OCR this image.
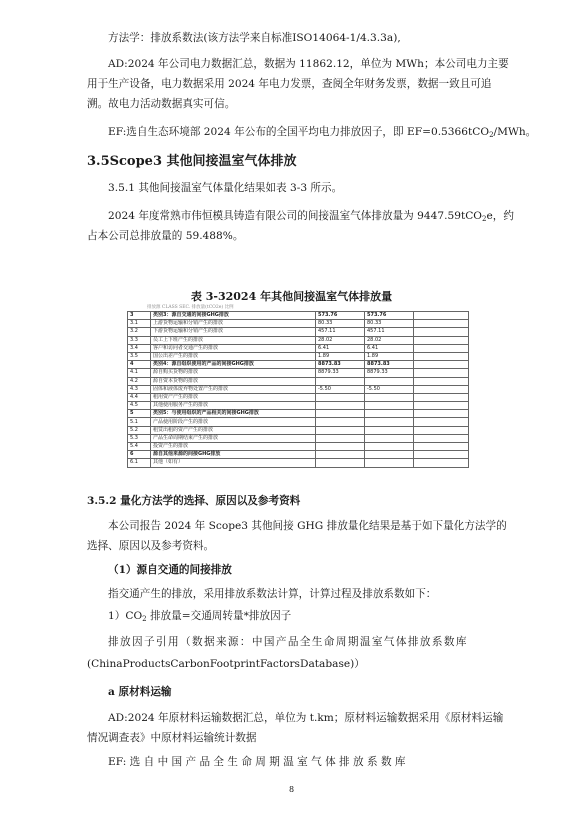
方法学：排放系数法(该方法学来自标准ISO14064-1/4.3.3a),

AD:2024 年公司电力数据汇总，数据为 11862.12，单位为 MWh；本公司电力主要

用于生产设备，电力数据采用 2024 年电力发票，查阅全年财务发票，数据一致且可追

溯。故电力活动数据真实可信。

EF:选自生态环境部 2024 年公布的全国平均电力排放因子，即 EF=0.5366tCO$_2$/MWh。

3.5Scope3 其他间接温室气体排放

3.5.1 其他间接温室气体量化结果如表 3-3 所示。

2024 年度常熟市伟恒模具铸造有限公司的间接温室气体排放量为 9447.59tCO$_2$e，约

占本公司总排放量的 59.488%。

表 3-32024 年其他间接温室气体排放量

排放源 CLASS SEC. 排放量(tCO2e) 比例
3	类别3：源自交通的间接GHG排放	573.76	573.76	
3.1	上游货物运输和分销产生的排放	80.33	80.33	
3.2	下游货物运输和分销产生的排放	457.11	457.11	
3.3	员工上下班产生的排放	28.02	28.02	
3.4	客户和访问者交通产生的排放	6.41	6.41	
3.5	国公出差产生的排放	1.89	1.89	
4	类别4：源自组织使用的产品的间接GHG排放	8873.83	8873.83	
4.1	源自购买货物的排放	8879.33	8879.33	
4.2	源自资本货物的排放			
4.3	固体和液体废弃物处置产生的排放	-5.50	-5.50	
4.4	租用资产产生的排放			
4.5	其他使用服务产生的排放			
5	类别5：与使用组织的产品相关的间接GHG排放			
5.1	产品使用阶段产生的排放			
5.2	租赁出租的资产产生的排放			
5.3	产品生命周期结束产生的排放			
5.4	投资产生的排放			
6	源自其他来源的间接GHG排放			
6.1	其他（如有）			
3.5.2 量化方法学的选择、原因以及参考资料

本公司报告 2024 年 Scope3 其他间接 GHG 排放量化结果是基于如下量化方法学的

选择、原因以及参考资料。

（1）源自交通的间接排放

指交通产生的排放，采用排放系数法计算，计算过程及排放系数如下：

$1)CO_2$ 排放量=交通周转量*排放因子

排放因子引用（数据来源：中国产品全生命周期温室气体排放系数库

(ChinaProductsCarbonFootprintFactorsDatabase)）

a 原材料运输

AD:2024 年原材料运输数据汇总，单位为 t.km；原材料运输数据采用《原材料运输

情况调查表》中原材料运输统计数据

EF: 选 自 中 国 产 品 全 生 命 周 期 温 室 气 体 排 放 系 数 库

8
